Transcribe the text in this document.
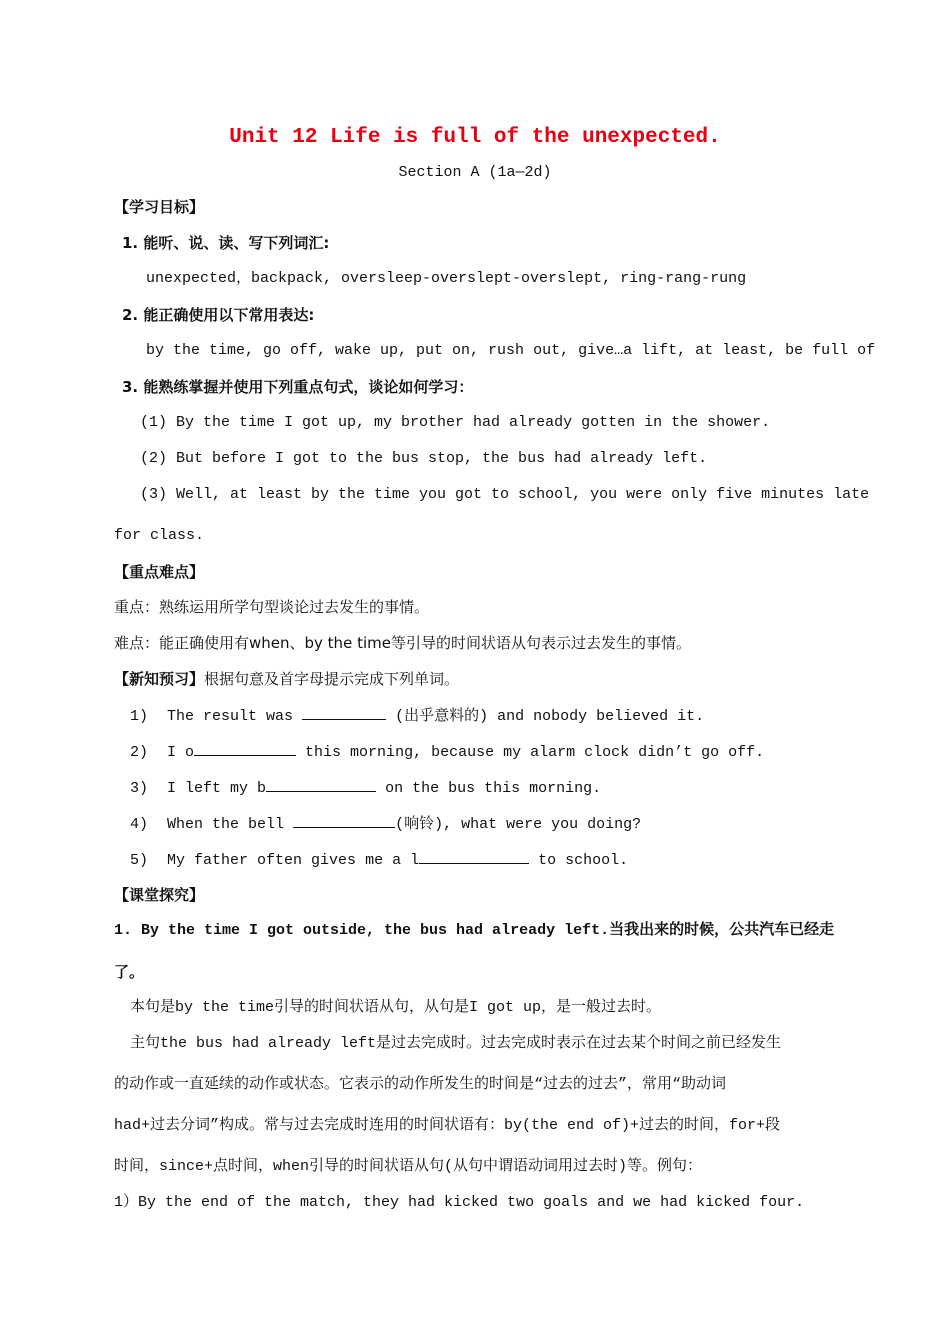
Unit 12 Life is full of the unexpected.
Section A (1a—2d)
【学习目标】
1. 能听、说、读、写下列词汇:
unexpected，backpack, oversleep-overslept-overslept, ring-rang-rung
2. 能正确使用以下常用表达:
by the time, go off, wake up, put on, rush out, give…a lift, at least, be full of
3. 能熟练掌握并使用下列重点句式，谈论如何学习：
(1) By the time I got up, my brother had already gotten in the shower.
(2) But before I got to the bus stop, the bus had already left.
(3) Well, at least by the time you got to school, you were only five minutes late
for class.
【重点难点】
重点：熟练运用所学句型谈论过去发生的事情。
难点：能正确使用有when、by the time等引导的时间状语从句表示过去发生的事情。
【新知预习】根据句意及首字母提示完成下列单词。
1) The result was	(出乎意料的) and nobody believed it.
2) I o	this morning, because my alarm clock didn’t go off.
3) I left my b	on the bus this morning.
4) When the bell	(响铃), what were you doing?
5) My father often gives me a l	to school.
【课堂探究】
1. By the time I got outside, the bus had already left.当我出来的时候，公共汽车已经走
了。
本句是by the time引导的时间状语从句，从句是I got up，是一般过去时。
主句the bus had already left是过去完成时。过去完成时表示在过去某个时间之前已经发生
的动作或一直延续的动作或状态。它表示的动作所发生的时间是“过去的过去”，常用“助动词
had+过去分词”构成。常与过去完成时连用的时间状语有：by(the end of)+过去的时间，for+段
时间，since+点时间，when引导的时间状语从句(从句中谓语动词用过去时)等。例句：
1）By the end of the match, they had kicked two goals and we had kicked four.
